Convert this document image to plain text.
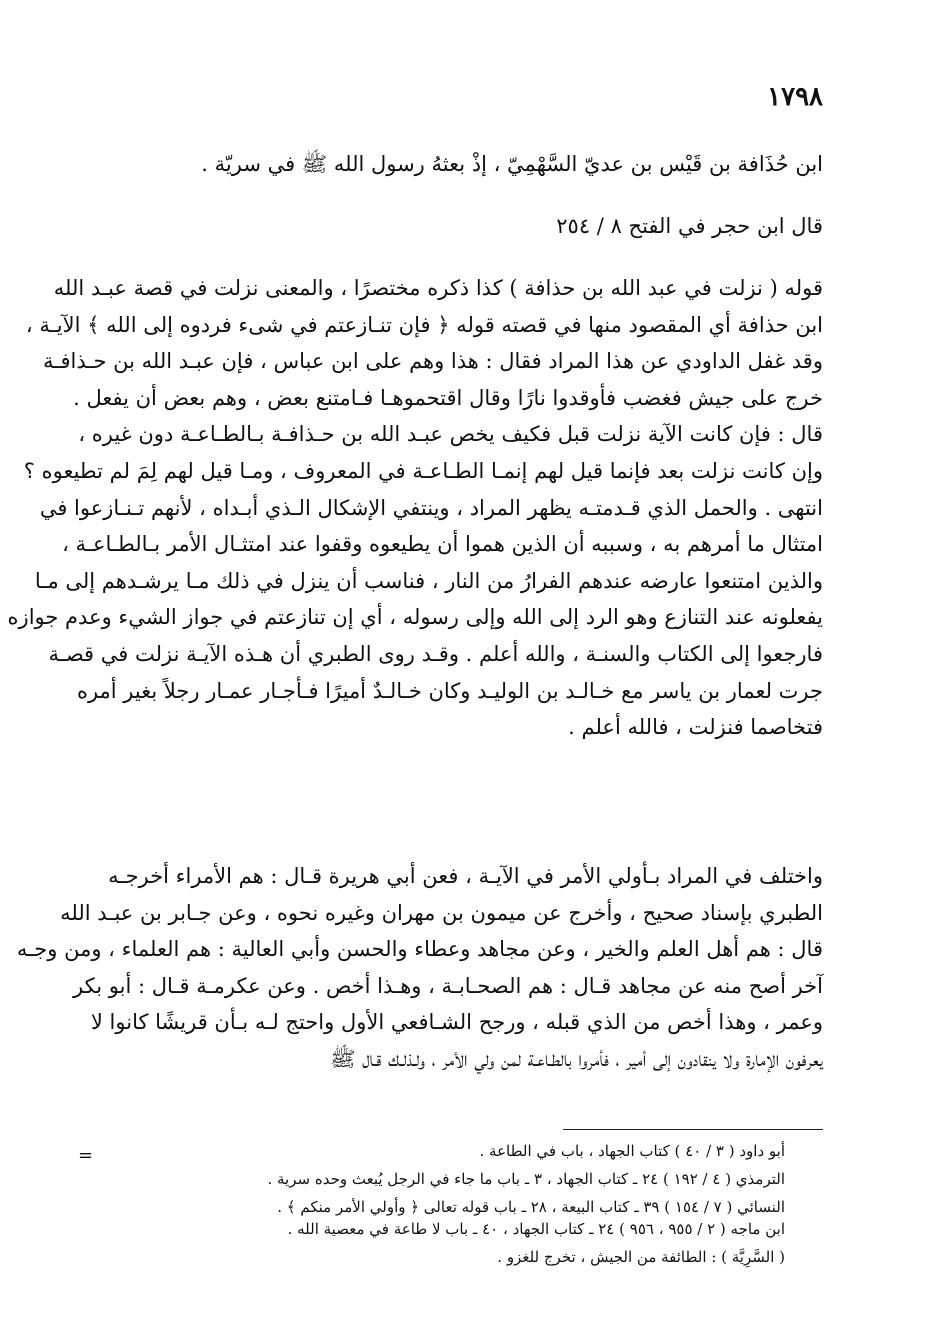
١٧٩٨
ابن حُذَافة بن قَيْس بن عديّ السَّهْمِيّ ، إذْ بعثهُ رسول الله ﷺ في سريّة .
قال ابن حجر في الفتح ٨ / ٢٥٤
قوله ( نزلت في عبد الله بن حذافة ) كذا ذكره مختصرًا ، والمعنى نزلت في قصة عبـد الله
ابن حذافة أي المقصود منها في قصته قوله ﴿ فإن تنـازعتم في شىء فردوه إلى الله ﴾ الآيـة ،
وقد غفل الداودي عن هذا المراد فقال : هذا وهم على ابن عباس ، فإن عبـد الله بن حـذافـة
خرج على جيش فغضب فأوقدوا نارًا وقال اقتحموهـا فـامتنع بعض ، وهم بعض أن يفعل .
قال : فإن كانت الآية نزلت قبل فكيف يخص عبـد الله بن حـذافـة بـالطـاعـة دون غيره ،
وإن كانت نزلت بعد فإنما قيل لهم إنمـا الطـاعـة في المعروف ، ومـا قيل لهم لِمَ لم تطيعوه ؟
انتهى . والحمل الذي قـدمتـه يظهر المراد ، وينتفي الإشكال الـذي أبـداه ، لأنهم تـنـازعوا في
امتثال ما أمرهم به ، وسببه أن الذين هموا أن يطيعوه وقفوا عند امتثـال الأمر بـالطـاعـة ،
والذين امتنعوا عارضه عندهم الفرارُ من النار ، فناسب أن ينزل في ذلك مـا يرشـدهم إلى مـا
يفعلونه عند التنازع وهو الرد إلى الله وإلى رسوله ، أي إن تنازعتم في جواز الشيء وعدم جوازه
فارجعوا إلى الكتاب والسنـة ، والله أعلم . وقـد روى الطبري أن هـذه الآيـة نزلت في قصـة
جرت لعمار بن ياسر مع خـالـد بن الوليـد وكان خـالـدٌ أميرًا فـأجـار عمـار رجلاً بغير أمره
فتخاصما فنزلت ، فالله أعلم .
واختلف في المراد بـأولي الأمر في الآيـة ، فعن أبي هريرة قـال : هم الأمراء أخرجـه
الطبري بإسناد صحيح ، وأخرج عن ميمون بن مهران وغيره نحوه ، وعن جـابر بن عبـد الله
قال : هم أهل العلم والخير ، وعن مجاهد وعطاء والحسن وأبي العالية : هم العلماء ، ومن وجـه
آخر أصح منه عن مجاهد قـال : هم الصحـابـة ، وهـذا أخص . وعن عكرمـة قـال : أبو بكر
وعمر ، وهذا أخص من الذي قبله ، ورجح الشـافعي الأول واحتج لـه بـأن قريشًا كانوا لا
يعرفون الإمارة ولا ينقادون إلى أمير ، فأمروا بالطـاعـة لمن ولي الأمر ، ولـذلـك قـال ﷺ
=	أبو داود ( ٣ / ٤٠ ) كتاب الجهاد ، باب في الطاعة .
الترمذي ( ٤ / ١٩٢ ) ٢٤ ـ كتاب الجهاد ، ٣ ـ باب ما جاء في الرجل يُبعث وحده سرية .
النسائي ( ٧ / ١٥٤ ) ٣٩ ـ كتاب البيعة ، ٢٨ ـ باب قوله تعالى ﴿ وأولي الأمر منكم ﴾ .
ابن ماجه ( ٢ / ٩٥٥ ، ٩٥٦ ) ٢٤ ـ كتاب الجهاد ، ٤٠ ـ باب لا طاعة في معصية الله .
( السَّرِيَّة ) : الطائفة من الجيش ، تخرج للغزو .
